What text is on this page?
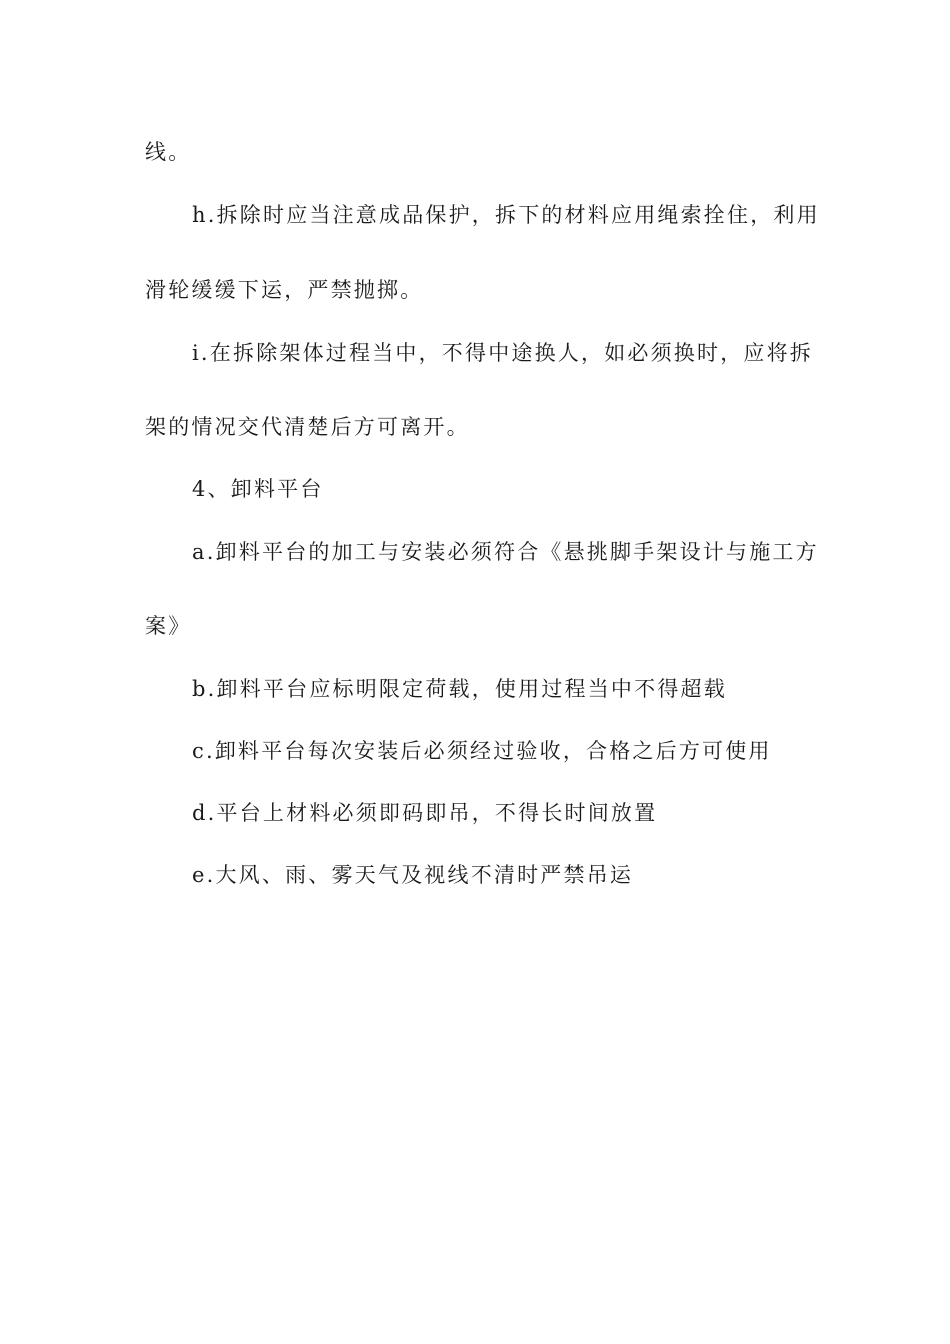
线。
h.拆除时应当注意成品保护，拆下的材料应用绳索拴住，利用
滑轮缓缓下运，严禁抛掷。
i.在拆除架体过程当中，不得中途换人，如必须换时，应将拆
架的情况交代清楚后方可离开。
4、卸料平台
a.卸料平台的加工与安装必须符合《悬挑脚手架设计与施工方
案》
b.卸料平台应标明限定荷载，使用过程当中不得超载
c.卸料平台每次安装后必须经过验收，合格之后方可使用
d.平台上材料必须即码即吊，不得长时间放置
e.大风、雨、雾天气及视线不清时严禁吊运
